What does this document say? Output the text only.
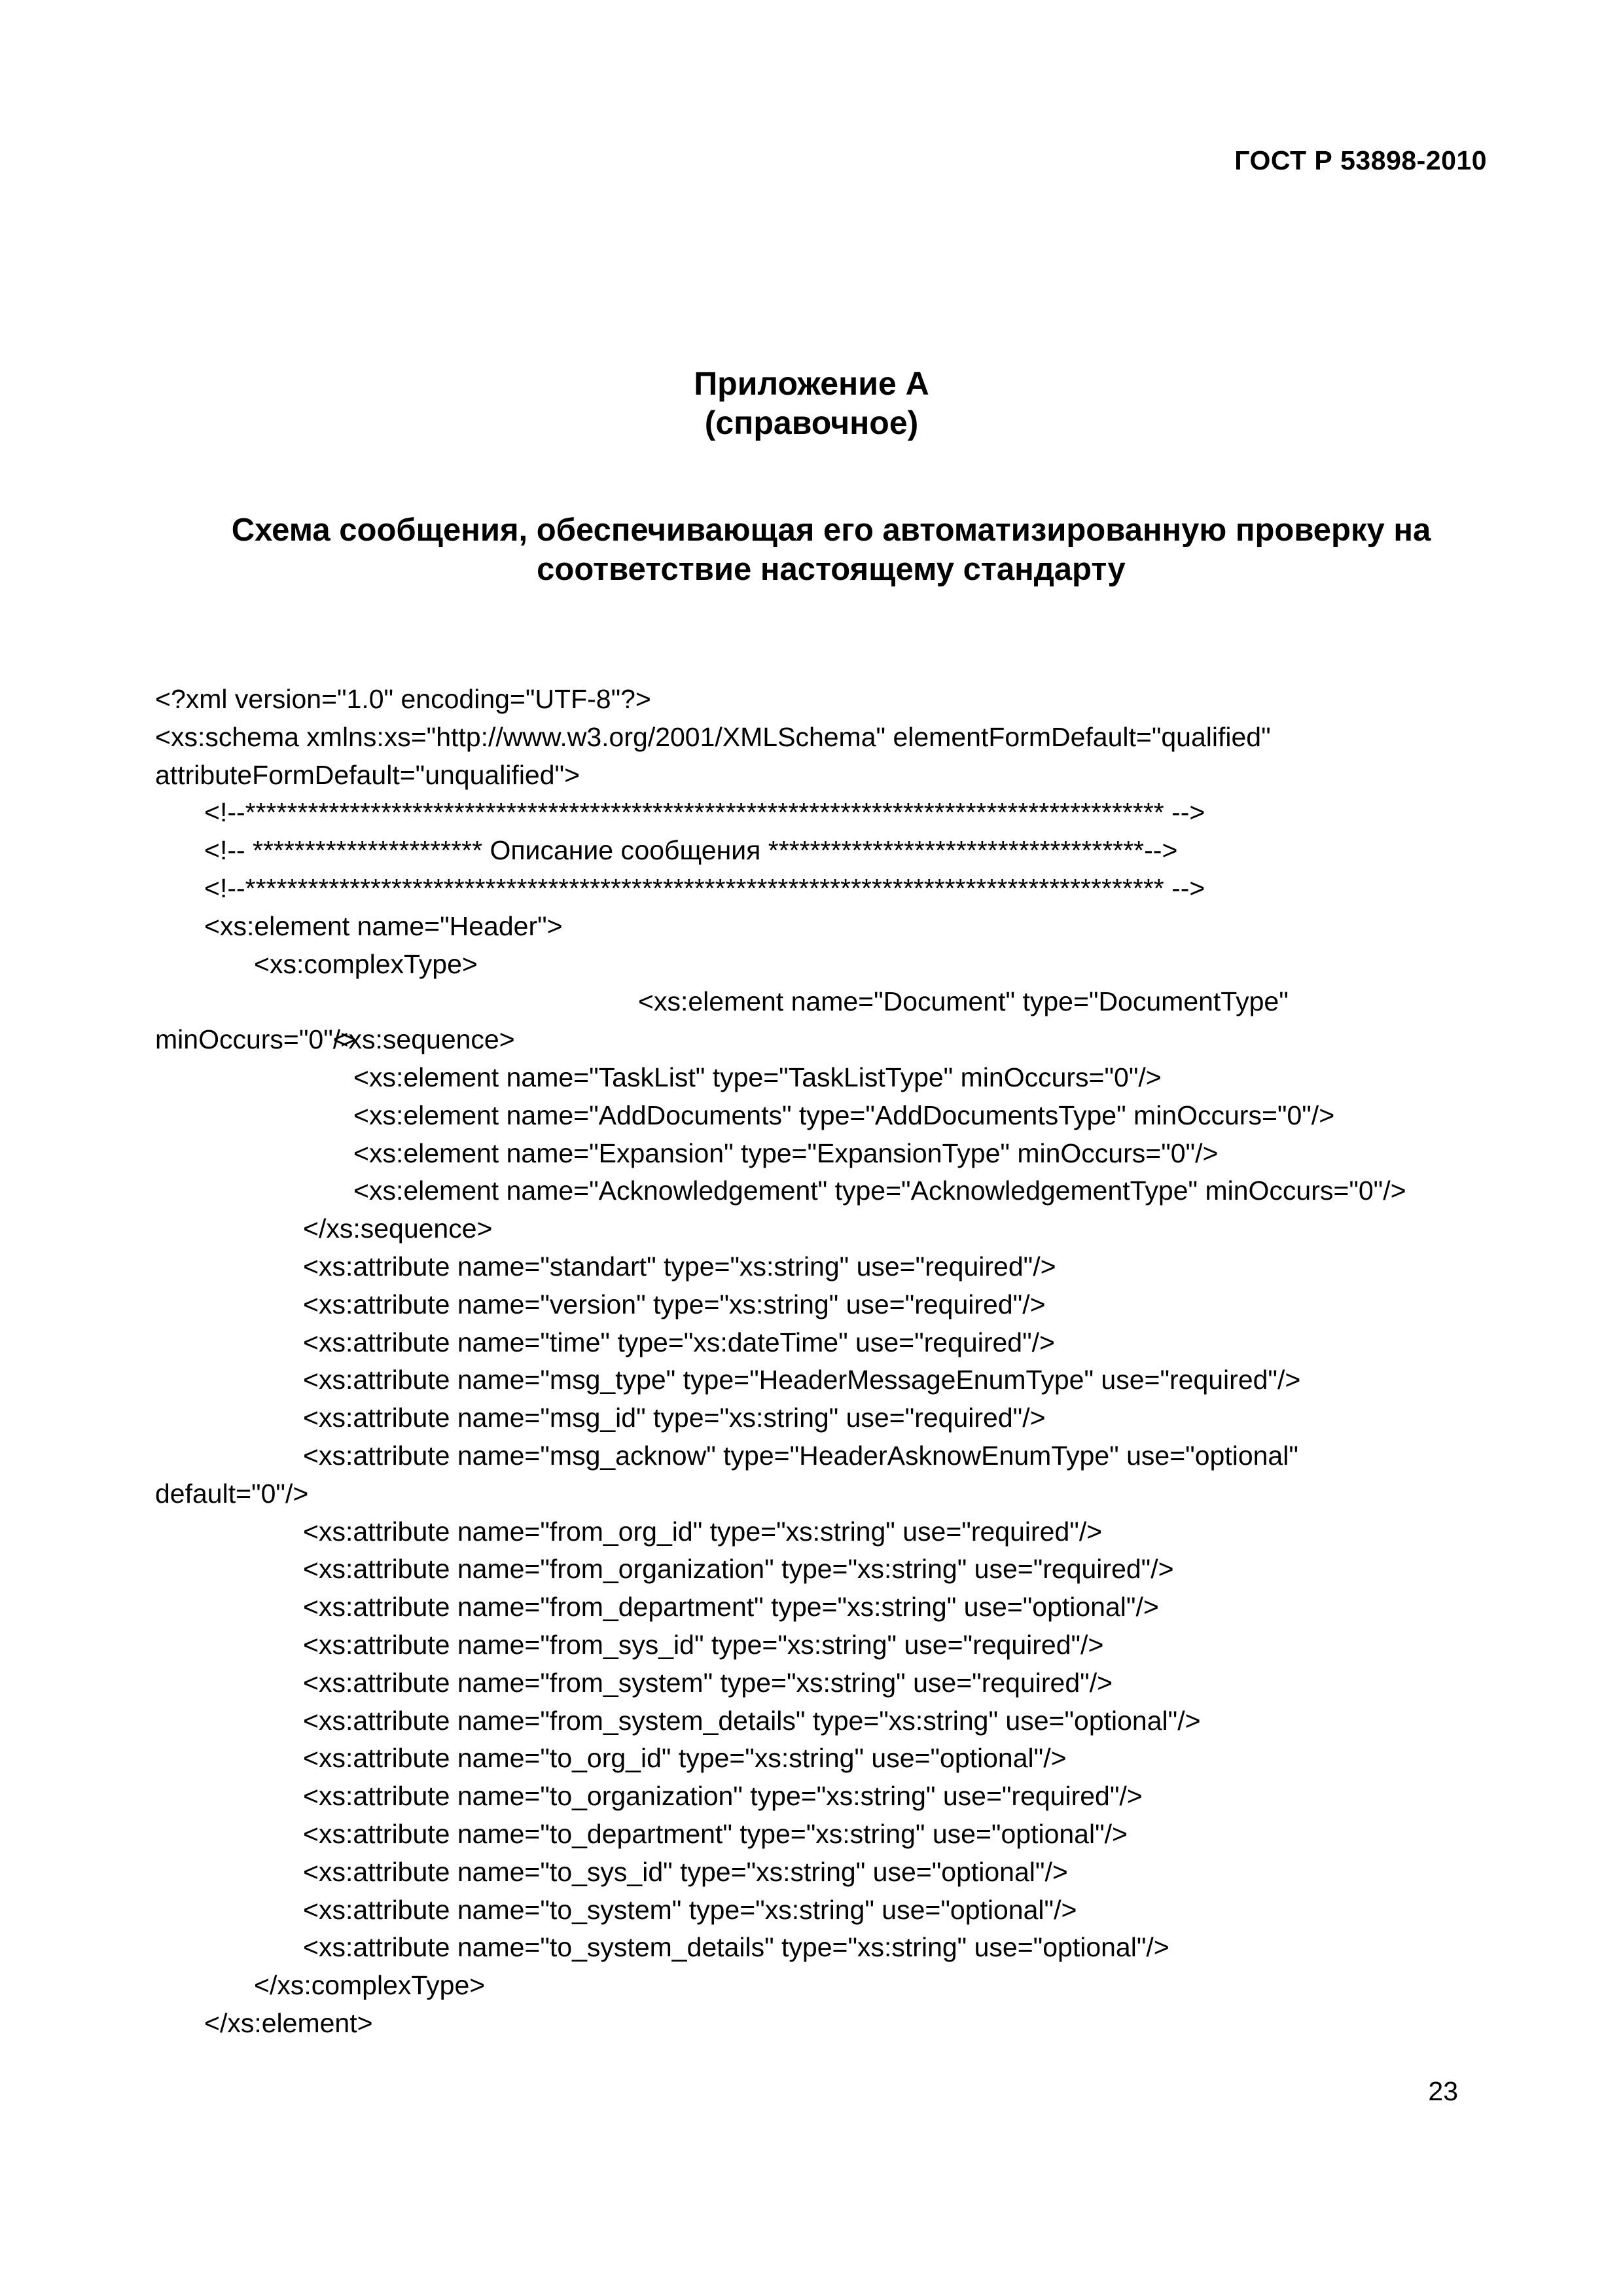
ГОСТ Р 53898-2010
Приложение А
(справочное)
Схема сообщения, обеспечивающая его автоматизированную проверку на соответствие настоящему стандарту
<?xml version="1.0" encoding="UTF-8"?>
<xs:schema xmlns:xs="http://www.w3.org/2001/XMLSchema" elementFormDefault="qualified"
attributeFormDefault="unqualified">
<!--**************************************************************************************** -->
<!-- ********************** Описание сообщения ************************************-->
<!--**************************************************************************************** -->
<xs:element name="Header">
<xs:complexType>

<xs:sequence>

<xs:element name="Document" type="DocumentType"

minOccurs="0"/>
<xs:element name="TaskList" type="TaskListType" minOccurs="0"/>
<xs:element name="AddDocuments" type="AddDocumentsType" minOccurs="0"/>
<xs:element name="Expansion" type="ExpansionType" minOccurs="0"/>
<xs:element name="Acknowledgement" type="AcknowledgementType" minOccurs="0"/>
</xs:sequence>
<xs:attribute name="standart" type="xs:string" use="required"/>
<xs:attribute name="version" type="xs:string" use="required"/>
<xs:attribute name="time" type="xs:dateTime" use="required"/>
<xs:attribute name="msg_type" type="HeaderMessageEnumType" use="required"/>
<xs:attribute name="msg_id" type="xs:string" use="required"/>
<xs:attribute name="msg_acknow" type="HeaderAsknowEnumType" use="optional"
default="0"/>
<xs:attribute name="from_org_id" type="xs:string" use="required"/>
<xs:attribute name="from_organization" type="xs:string" use="required"/>
<xs:attribute name="from_department" type="xs:string" use="optional"/>
<xs:attribute name="from_sys_id" type="xs:string" use="required"/>
<xs:attribute name="from_system" type="xs:string" use="required"/>
<xs:attribute name="from_system_details" type="xs:string" use="optional"/>
<xs:attribute name="to_org_id" type="xs:string" use="optional"/>
<xs:attribute name="to_organization" type="xs:string" use="required"/>
<xs:attribute name="to_department" type="xs:string" use="optional"/>
<xs:attribute name="to_sys_id" type="xs:string" use="optional"/>
<xs:attribute name="to_system" type="xs:string" use="optional"/>
<xs:attribute name="to_system_details" type="xs:string" use="optional"/>
</xs:complexType>
</xs:element>
23
